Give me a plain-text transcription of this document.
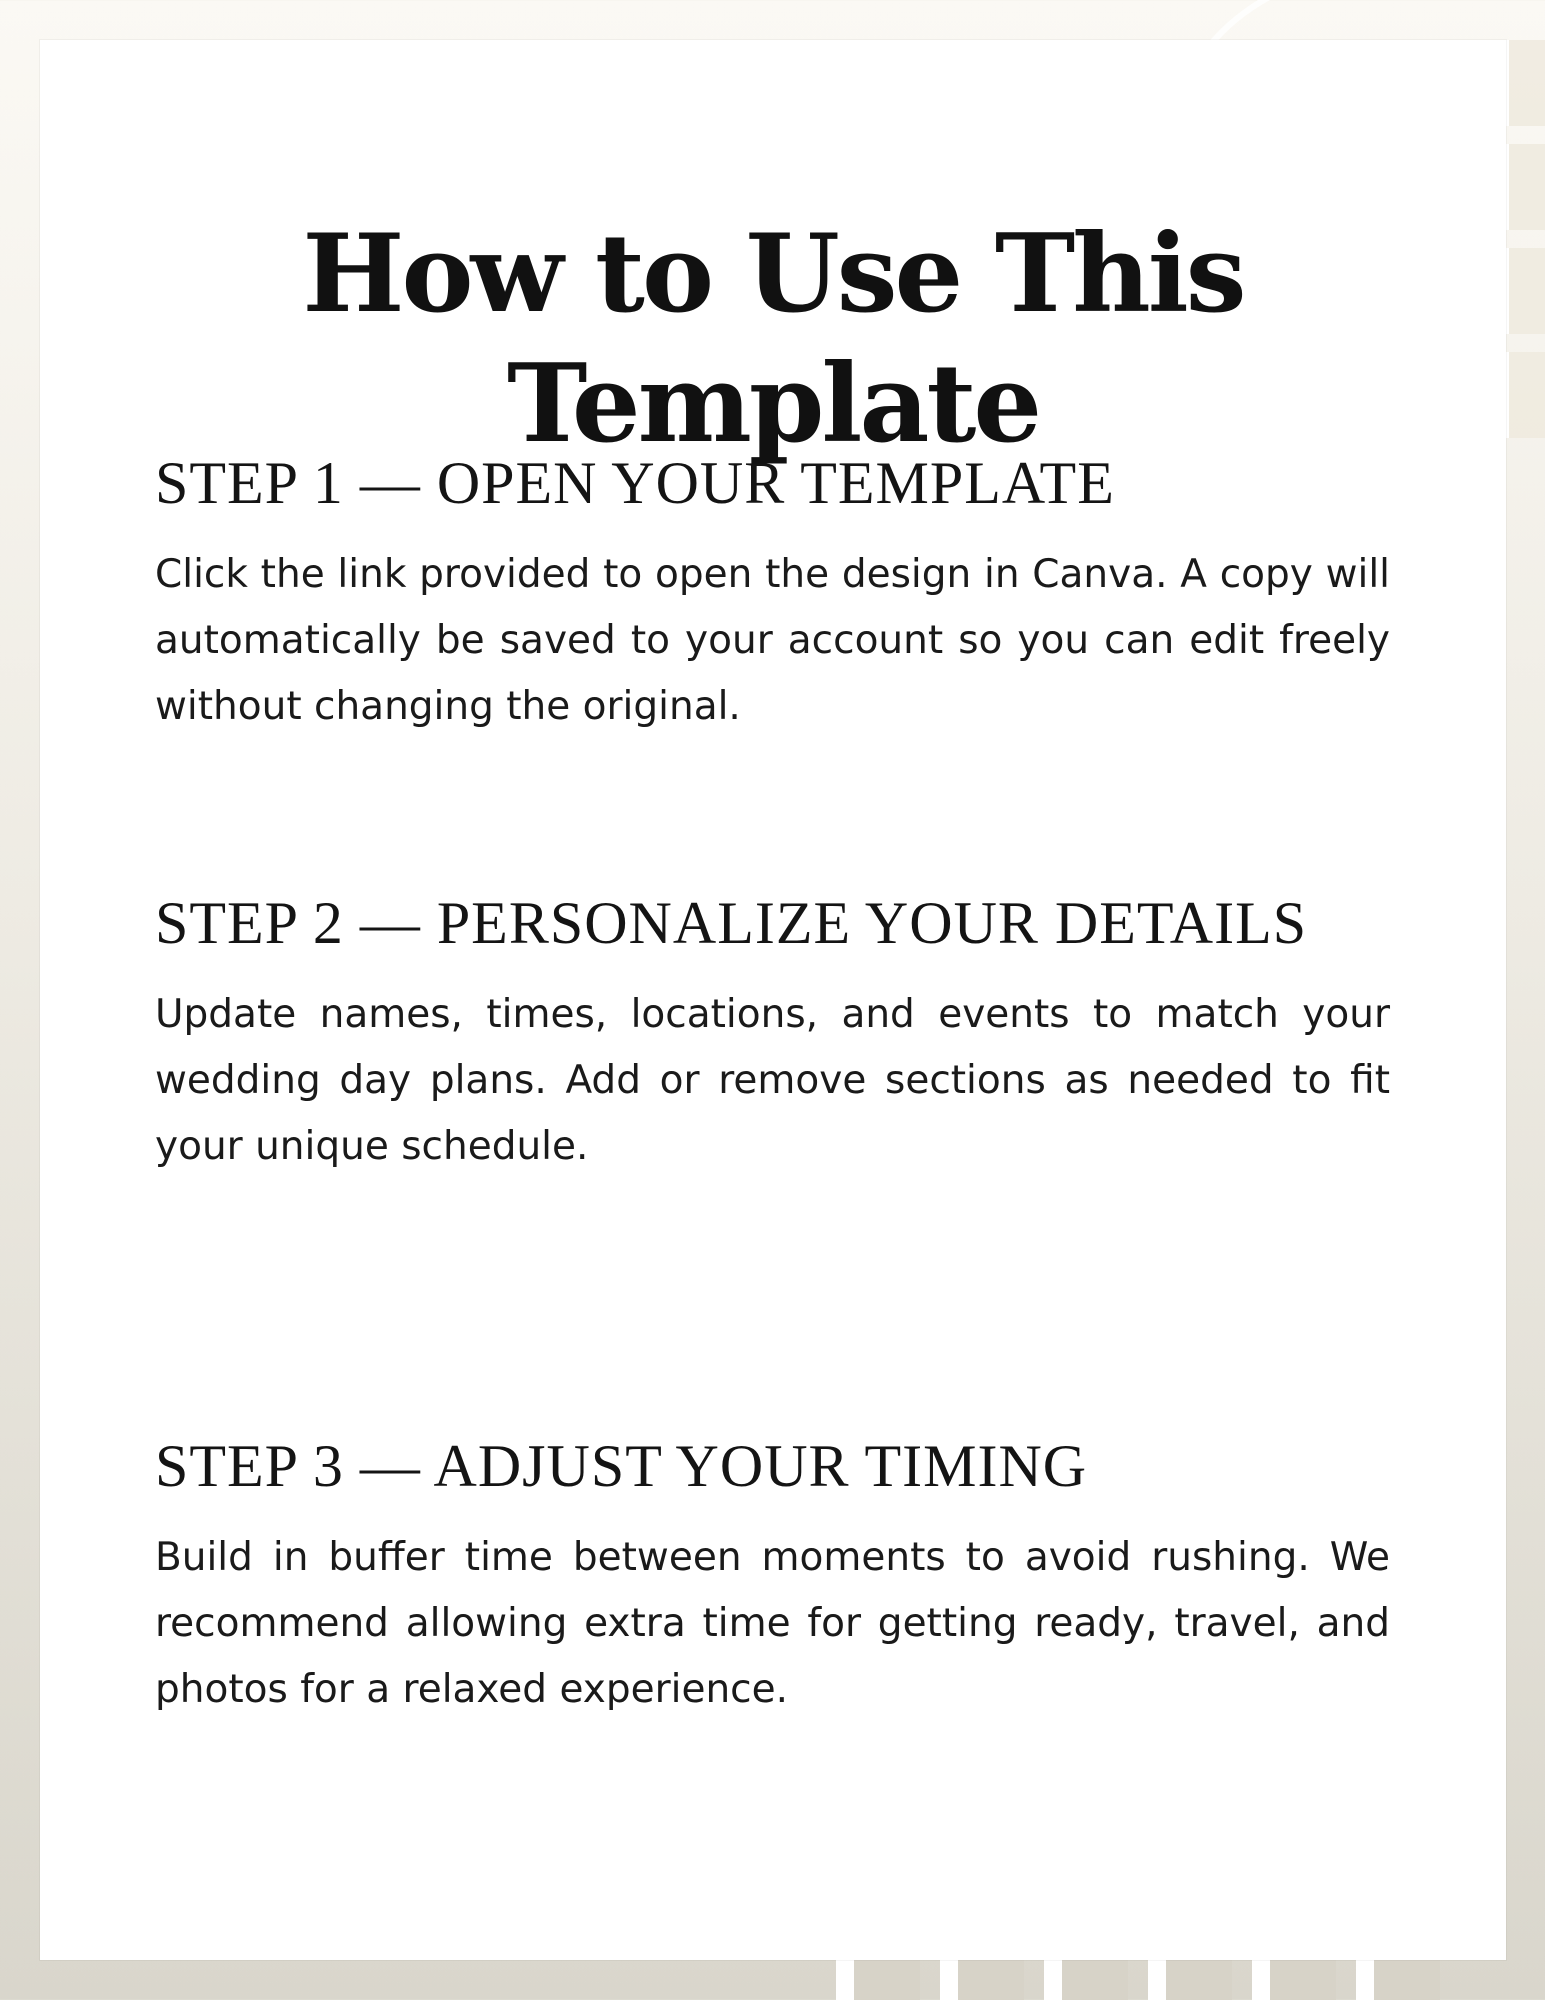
How to Use This Template
STEP 1 — OPEN YOUR TEMPLATE

Click the link provided to open the design in Canva. A copy will automatically be saved to your account so you can edit freely without changing the original.

STEP 2 — PERSONALIZE YOUR DETAILS

Update names, times, locations, and events to match your wedding day plans. Add or remove sections as needed to fit your unique schedule.

STEP 3 — ADJUST YOUR TIMING

Build in buffer time between moments to avoid rushing. We recommend allowing extra time for getting ready, travel, and photos for a relaxed experience.
